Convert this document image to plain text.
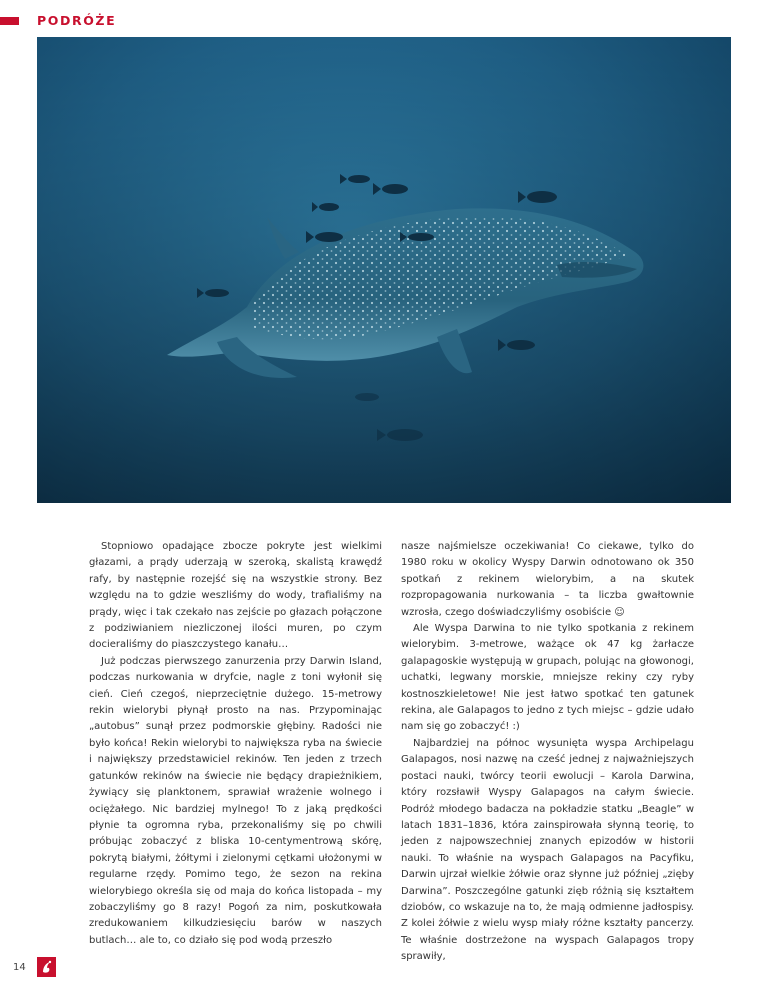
PODRÓŻE

Stopniowo opadające zbocze pokryte jest wielkimi głazami, a prądy uderzają w szeroką, skalistą krawędź rafy, by następnie rozejść się na wszystkie strony. Bez względu na to gdzie weszliśmy do wody, trafialiśmy na prądy, więc i tak czekało nas zejście po głazach połączone z podziwianiem niezliczonej ilości muren, po czym docieraliśmy do piaszczystego kanału…

Już podczas pierwszego zanurzenia przy Darwin Island, podczas nurkowania w dryfcie, nagle z toni wyłonił się cień. Cień czegoś, nieprzeciętnie dużego. 15-metrowy rekin wielorybi płynął prosto na nas. Przypominając „autobus” sunął przez podmorskie głębiny. Radości nie było końca! Rekin wielorybi to największa ryba na świecie i największy przedstawiciel rekinów. Ten jeden z trzech gatunków rekinów na świecie nie będący drapieżnikiem, żywiący się planktonem, sprawiał wrażenie wolnego i ociężałego. Nic bardziej mylnego! To z jaką prędkości płynie ta ogromna ryba, przekonaliśmy się po chwili próbując zobaczyć z bliska 10-centymentrową skórę, pokrytą białymi, żółtymi i zielonymi cętkami ułożonymi w regularne rzędy. Pomimo tego, że sezon na rekina wielorybiego określa się od maja do końca listopada – my zobaczyliśmy go 8 razy! Pogoń za nim, poskutkowała zredukowaniem kilkudziesięciu barów w naszych butlach… ale to, co działo się pod wodą przeszło

nasze najśmielsze oczekiwania! Co ciekawe, tylko do 1980 roku w okolicy Wyspy Darwin odnotowano ok 350 spotkań z rekinem wielorybim, a na skutek rozpropagowania nurkowania – ta liczba gwałtownie wzrosła, czego doświadczyliśmy osobiście ☺

Ale Wyspa Darwina to nie tylko spotkania z rekinem wielorybim. 3-metrowe, ważące ok 47 kg żarłacze galapagoskie występują w grupach, polując na głowonogi, uchatki, legwany morskie, mniejsze rekiny czy ryby kostnoszkieletowe! Nie jest łatwo spotkać ten gatunek rekina, ale Galapagos to jedno z tych miejsc – gdzie udało nam się go zobaczyć! :)

Najbardziej na północ wysunięta wyspa Archipelagu Galapagos, nosi nazwę na cześć jednej z najważniejszych postaci nauki, twórcy teorii ewolucji – Karola Darwina, który rozsławił Wyspy Galapagos na całym świecie. Podróż młodego badacza na pokładzie statku „Beagle” w latach 1831–1836, która zainspirowała słynną teorię, to jeden z najpowszechniej znanych epizodów w historii nauki. To właśnie na wyspach Galapagos na Pacyfiku, Darwin ujrzał wielkie żółwie oraz słynne już później „zięby Darwina”. Poszczególne gatunki zięb różnią się kształtem dziobów, co wskazuje na to, że mają odmienne jadłospisy. Z kolei żółwie z wielu wysp miały różne kształty pancerzy. Te właśnie dostrzeżone na wyspach Galapagos tropy sprawiły,

14
